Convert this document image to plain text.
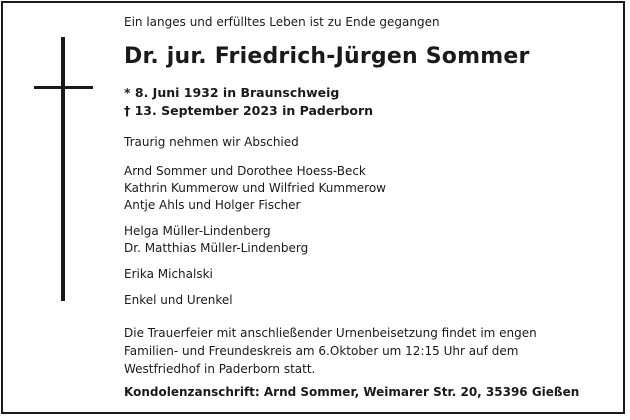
Ein langes und erfülltes Leben ist zu Ende gegangen
Dr. jur. Friedrich-Jürgen Sommer
* 8. Juni 1932 in Braunschweig
† 13. September 2023 in Paderborn
Traurig nehmen wir Abschied
Arnd Sommer und Dorothee Hoess-Beck
Kathrin Kummerow und Wilfried Kummerow
Antje Ahls und Holger Fischer
Helga Müller-Lindenberg
Dr. Matthias Müller-Lindenberg
Erika Michalski
Enkel und Urenkel
Die Trauerfeier mit anschließender Urnenbeisetzung findet im engen
Familien- und Freundeskreis am 6.Oktober um 12:15 Uhr auf dem
Westfriedhof in Paderborn statt.
Kondolenzanschrift: Arnd Sommer, Weimarer Str. 20, 35396 Gießen
